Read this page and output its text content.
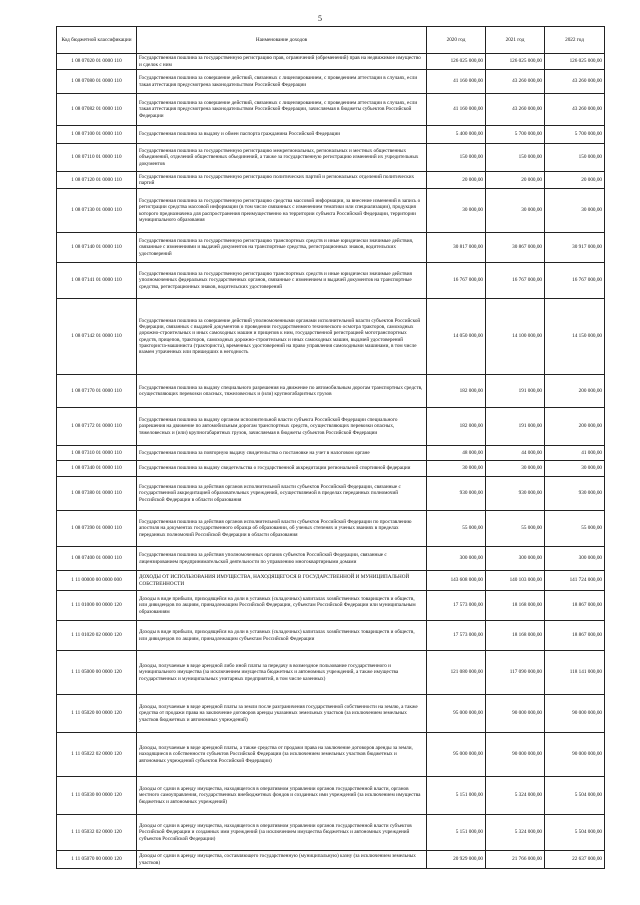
5
Код бюджетной классификации	Наименование доходов	2020 год	2021 год	2022 год
1 08 07020 01 0000 110	Государственная пошлина за государственную регистрацию прав, ограничений (обременений) прав на недвижимое имущество и сделок с ним	126 025 000,00	126 025 000,00	126 025 000,00
1 08 07080 01 0000 110	Государственная пошлина за совершение действий, связанных с лицензированием, с проведением аттестации в случаях, если такая аттестация предусмотрена законодательством Российской Федерации	41 160 000,00	43 260 000,00	43 260 000,00
1 08 07082 01 0000 110	Государственная пошлина за совершение действий, связанных с лицензированием, с проведением аттестации в случаях, если такая аттестация предусмотрена законодательством Российской Федерации, зачисляемая в бюджеты субъектов Российской Федерации	41 160 000,00	43 260 000,00	43 260 000,00
1 08 07100 01 0000 110	Государственная пошлина за выдачу и обмен паспорта гражданина Российской Федерации	5 400 000,00	5 700 000,00	5 700 000,00
1 08 07110 01 0000 110	Государственная пошлина за государственную регистрацию межрегиональных, региональных и местных общественных объединений, отделений общественных объединений, а также за государственную регистрацию изменений их учредительных документов	150 000,00	150 000,00	150 000,00
1 08 07120 01 0000 110	Государственная пошлина за государственную регистрацию политических партий и региональных отделений политических партий	20 000,00	20 000,00	20 000,00
1 08 07130 01 0000 110	Государственная пошлина за государственную регистрацию средства массовой информации, за внесение изменений в запись о регистрации средства массовой информации (в том числе связанных с изменением тематики или специализации), продукция которого предназначена для распространения преимущественно на территории субъекта Российской Федерации, территории муниципального образования	30 000,00	30 000,00	30 000,00
1 08 07140 01 0000 110	Государственная пошлина за государственную регистрацию транспортных средств и иные юридически значимые действия, связанные с изменениями и выдачей документов на транспортные средства, регистрационных знаков, водительских удостоверений	30 817 000,00	30 867 000,00	30 917 000,00
1 08 07141 01 0000 110	Государственная пошлина за государственную регистрацию транспортных средств и иные юридически значимые действия уполномоченных федеральных государственных органов, связанные с изменением и выдачей документов на транспортные средства, регистрационных знаков, водительских удостоверений	16 767 000,00	16 767 000,00	16 767 000,00
1 08 07142 01 0000 110	Государственная пошлина за совершение действий уполномоченными органами исполнительной власти субъектов Российской Федерации, связанных с выдачей документов о проведении государственного технического осмотра тракторов, самоходных дорожно-строительных и иных самоходных машин и прицепов к ним, государственной регистрацией мототранспортных средств, прицепов, тракторов, самоходных дорожно-строительных и иных самоходных машин, выдачей удостоверений тракториста-машиниста (тракториста), временных удостоверений на право управления самоходными машинами, в том числе взамен утраченных или пришедших в негодность	14 050 000,00	14 100 000,00	14 150 000,00
1 08 07170 01 0000 110	Государственная пошлина за выдачу специального разрешения на движение по автомобильным дорогам транспортных средств, осуществляющих перевозки опасных, тяжеловесных и (или) крупногабаритных грузов	182 000,00	191 000,00	200 000,00
1 08 07172 01 0000 110	Государственная пошлина за выдачу органом исполнительной власти субъекта Российской Федерации специального разрешения на движение по автомобильным дорогам транспортных средств, осуществляющих перевозки опасных, тяжеловесных и (или) крупногабаритных грузов, зачисляемая в бюджеты субъектов Российской Федерации	182 000,00	191 000,00	200 000,00
1 08 07310 01 0000 110	Государственная пошлина за повторную выдачу свидетельства о постановке на учет в налоговом органе	48 000,00	44 000,00	41 000,00
1 08 07340 01 0000 110	Государственная пошлина за выдачу свидетельства о государственной аккредитации региональной спортивной федерации	30 000,00	30 000,00	30 000,00
1 08 07380 01 0000 110	Государственная пошлина за действия органов исполнительной власти субъектов Российской Федерации, связанные с государственной аккредитацией образовательных учреждений, осуществляемой в пределах переданных полномочий Российской Федерации в области образования	930 000,00	930 000,00	930 000,00
1 08 07390 01 0000 110	Государственная пошлина за действия органов исполнительной власти субъектов Российской Федерации по проставлению апостиля на документах государственного образца об образовании, об ученых степенях и ученых званиях в пределах переданных полномочий Российской Федерации в области образования	55 000,00	55 000,00	55 000,00
1 08 07400 01 0000 110	Государственная пошлина за действия уполномоченных органов субъектов Российской Федерации, связанные с лицензированием предпринимательской деятельности по управлению многоквартирными домами	300 000,00	300 000,00	300 000,00
1 11 00000 00 0000 000	ДОХОДЫ ОТ ИСПОЛЬЗОВАНИЯ ИМУЩЕСТВА, НАХОДЯЩЕГОСЯ В ГОСУДАРСТВЕННОЙ И МУНИЦИПАЛЬНОЙ СОБСТВЕННОСТИ	143 608 000,00	140 103 000,00	141 724 000,00
1 11 01000 00 0000 120	Доходы в виде прибыли, приходящейся на доли в уставных (складочных) капиталах хозяйственных товариществ и обществ, или дивидендов по акциям, принадлежащим Российской Федерации, субъектам Российской Федерации или муниципальным образованиям	17 573 000,00	18 168 000,00	18 867 000,00
1 11 01020 02 0000 120	Доходы в виде прибыли, приходящейся на доли в уставных (складочных) капиталах хозяйственных товариществ и обществ, или дивидендов по акциям, принадлежащим субъектам Российской Федерации	17 573 000,00	18 168 000,00	18 867 000,00
1 11 05000 00 0000 120	Доходы, получаемые в виде арендной либо иной платы за передачу в возмездное пользование государственного и муниципального имущества (за исключением имущества бюджетных и автономных учреждений, а также имущества государственных и муниципальных унитарных предприятий, в том числе казенных)	121 080 000,00	117 090 000,00	118 141 000,00
1 11 05020 00 0000 120	Доходы, получаемые в виде арендной платы за земли после разграничения государственной собственности на землю, а также средства от продажи права на заключение договоров аренды указанных земельных участков (за исключением земельных участков бюджетных и автономных учреждений)	95 000 000,00	90 000 000,00	90 000 000,00
1 11 05022 02 0000 120	Доходы, получаемые в виде арендной платы, а также средства от продажи права на заключение договоров аренды за земли, находящиеся в собственности субъектов Российской Федерации (за исключением земельных участков бюджетных и автономных учреждений субъектов Российской Федерации)	95 000 000,00	90 000 000,00	90 000 000,00
1 11 05030 00 0000 120	Доходы от сдачи в аренду имущества, находящегося в оперативном управлении органов государственной власти, органов местного самоуправления, государственных внебюджетных фондов и созданных ими учреждений (за исключением имущества бюджетных и автономных учреждений)	5 151 000,00	5 324 000,00	5 504 000,00
1 11 05032 02 0000 120	Доходы от сдачи в аренду имущества, находящегося в оперативном управлении органов государственной власти субъектов Российской Федерации и созданных ими учреждений (за исключением имущества бюджетных и автономных учреждений субъектов Российской Федерации)	5 151 000,00	5 324 000,00	5 504 000,00
1 11 05070 00 0000 120	Доходы от сдачи в аренду имущества, составляющего государственную (муниципальную) казну (за исключением земельных участков)	20 929 000,00	21 766 000,00	22 637 000,00
